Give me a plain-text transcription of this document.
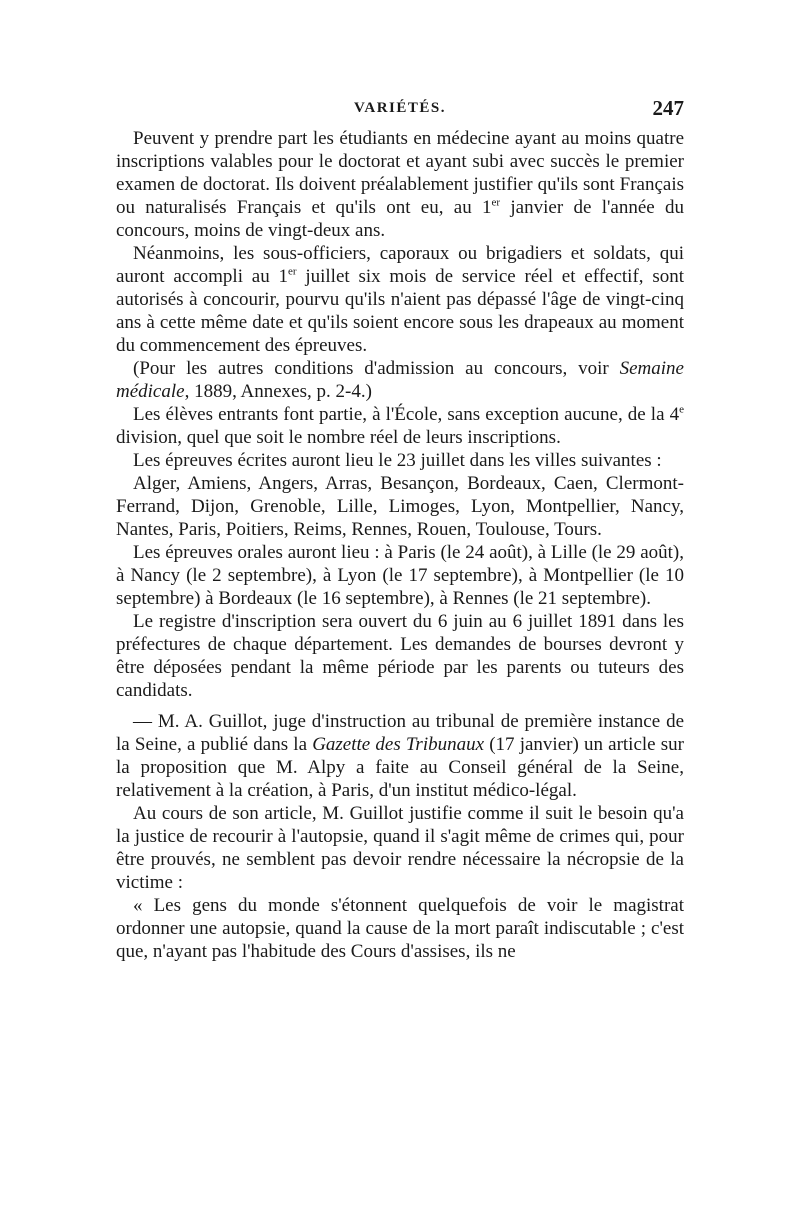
VARIÉTÉS.	247

Peuvent y prendre part les étudiants en médecine ayant au moins quatre inscriptions valables pour le doctorat et ayant subi avec succès le premier examen de doctorat. Ils doivent préalablement justifier qu'ils sont Français ou naturalisés Français et qu'ils ont eu, au 1er janvier de l'année du concours, moins de vingt-deux ans.

Néanmoins, les sous-officiers, caporaux ou brigadiers et soldats, qui auront accompli au 1er juillet six mois de service réel et effectif, sont autorisés à concourir, pourvu qu'ils n'aient pas dépassé l'âge de vingt-cinq ans à cette même date et qu'ils soient encore sous les drapeaux au moment du commencement des épreuves.

(Pour les autres conditions d'admission au concours, voir Semaine médicale, 1889, Annexes, p. 2-4.)

Les élèves entrants font partie, à l'École, sans exception aucune, de la 4e division, quel que soit le nombre réel de leurs inscriptions.

Les épreuves écrites auront lieu le 23 juillet dans les villes suivantes :

Alger, Amiens, Angers, Arras, Besançon, Bordeaux, Caen, Clermont-Ferrand, Dijon, Grenoble, Lille, Limoges, Lyon, Montpellier, Nancy, Nantes, Paris, Poitiers, Reims, Rennes, Rouen, Toulouse, Tours.

Les épreuves orales auront lieu : à Paris (le 24 août), à Lille (le 29 août), à Nancy (le 2 septembre), à Lyon (le 17 septembre), à Montpellier (le 10 septembre) à Bordeaux (le 16 septembre), à Rennes (le 21 septembre).

Le registre d'inscription sera ouvert du 6 juin au 6 juillet 1891 dans les préfectures de chaque département. Les demandes de bourses devront y être déposées pendant la même période par les parents ou tuteurs des candidats.

— M. A. Guillot, juge d'instruction au tribunal de première instance de la Seine, a publié dans la Gazette des Tribunaux (17 janvier) un article sur la proposition que M. Alpy a faite au Conseil général de la Seine, relativement à la création, à Paris, d'un institut médico-légal.

Au cours de son article, M. Guillot justifie comme il suit le besoin qu'a la justice de recourir à l'autopsie, quand il s'agit même de crimes qui, pour être prouvés, ne semblent pas devoir rendre nécessaire la nécropsie de la victime :

« Les gens du monde s'étonnent quelquefois de voir le magistrat ordonner une autopsie, quand la cause de la mort paraît indiscutable ; c'est que, n'ayant pas l'habitude des Cours d'assises, ils ne
